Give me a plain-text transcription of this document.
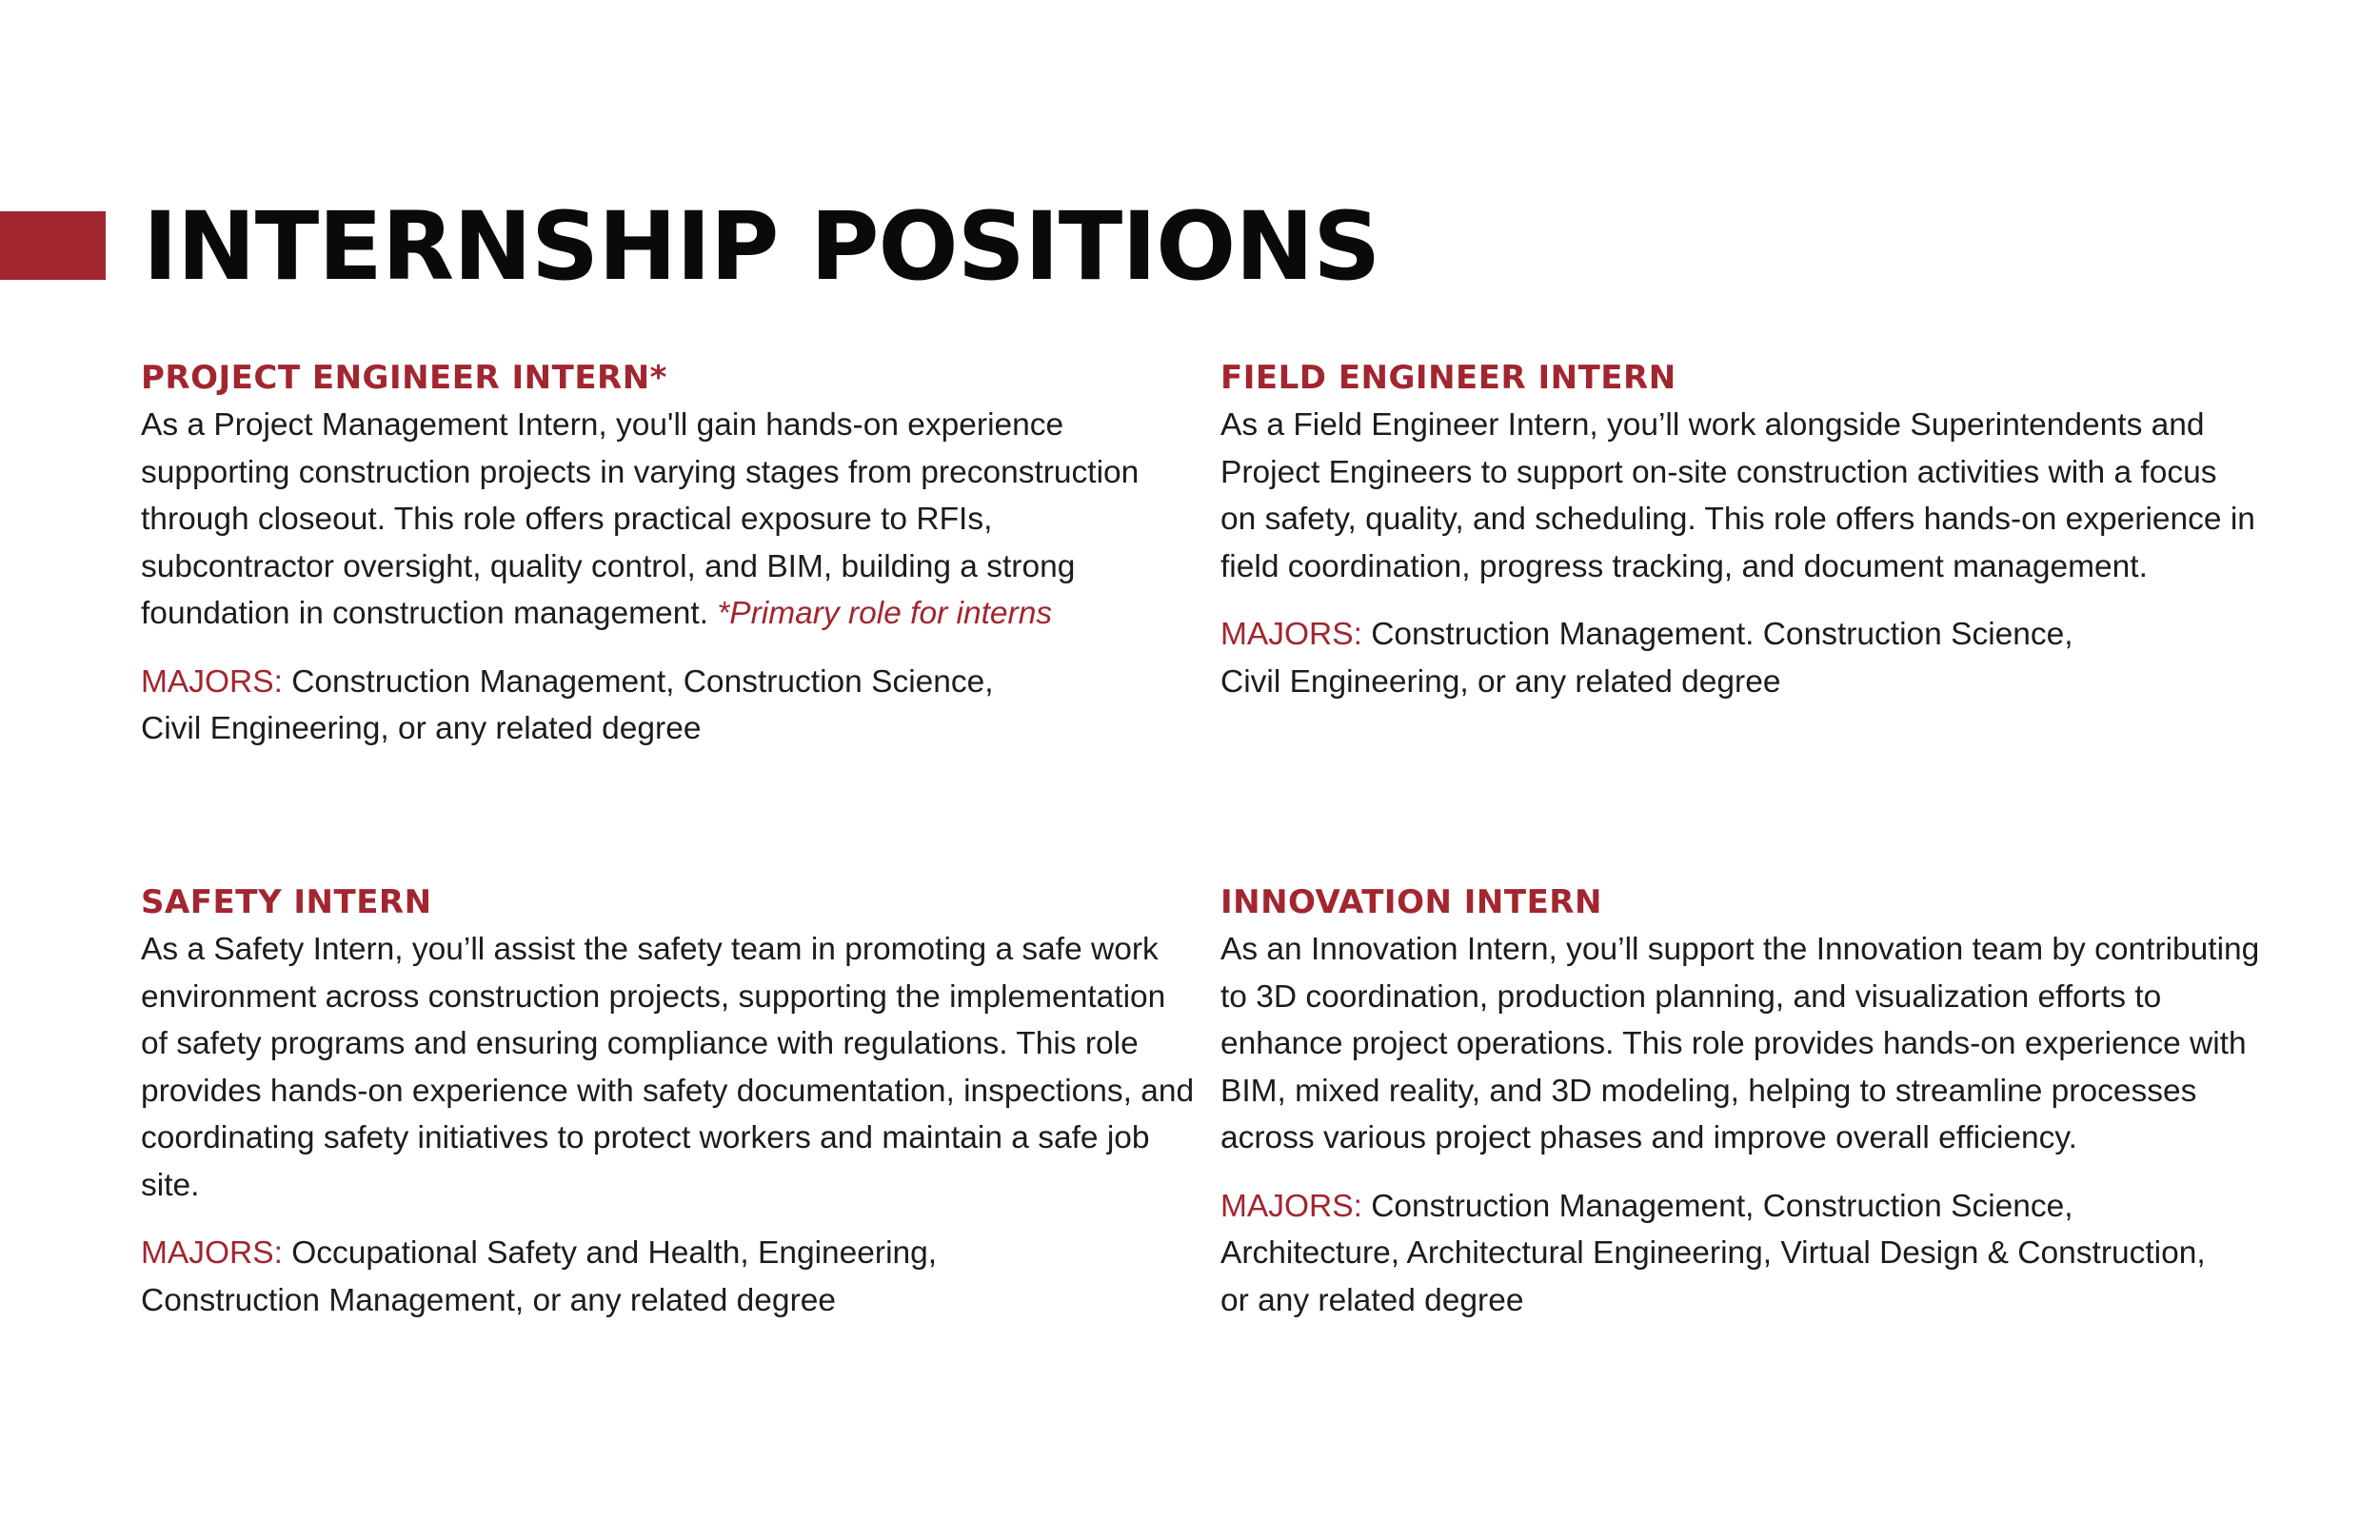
INTERNSHIP POSITIONS
PROJECT ENGINEER INTERN*

As a Project Management Intern, you'll gain hands-on experience
supporting construction projects in varying stages from preconstruction
through closeout. This role offers practical exposure to RFIs,
subcontractor oversight, quality control, and BIM, building a strong
foundation in construction management. *Primary role for interns

MAJORS: Construction Management, Construction Science,
Civil Engineering, or any related degree

FIELD ENGINEER INTERN

As a Field Engineer Intern, you’ll work alongside Superintendents and
Project Engineers to support on-site construction activities with a focus
on safety, quality, and scheduling. This role offers hands-on experience in
field coordination, progress tracking, and document management.

MAJORS: Construction Management. Construction Science,
Civil Engineering, or any related degree

SAFETY INTERN

As a Safety Intern, you’ll assist the safety team in promoting a safe work
environment across construction projects, supporting the implementation
of safety programs and ensuring compliance with regulations. This role
provides hands-on experience with safety documentation, inspections, and
coordinating safety initiatives to protect workers and maintain a safe job site.

MAJORS: Occupational Safety and Health, Engineering,
Construction Management, or any related degree

INNOVATION INTERN

As an Innovation Intern, you’ll support the Innovation team by contributing
to 3D coordination, production planning, and visualization efforts to
enhance project operations. This role provides hands-on experience with
BIM, mixed reality, and 3D modeling, helping to streamline processes
across various project phases and improve overall efficiency.

MAJORS: Construction Management, Construction Science,
Architecture, Architectural Engineering, Virtual Design & Construction,
or any related degree
